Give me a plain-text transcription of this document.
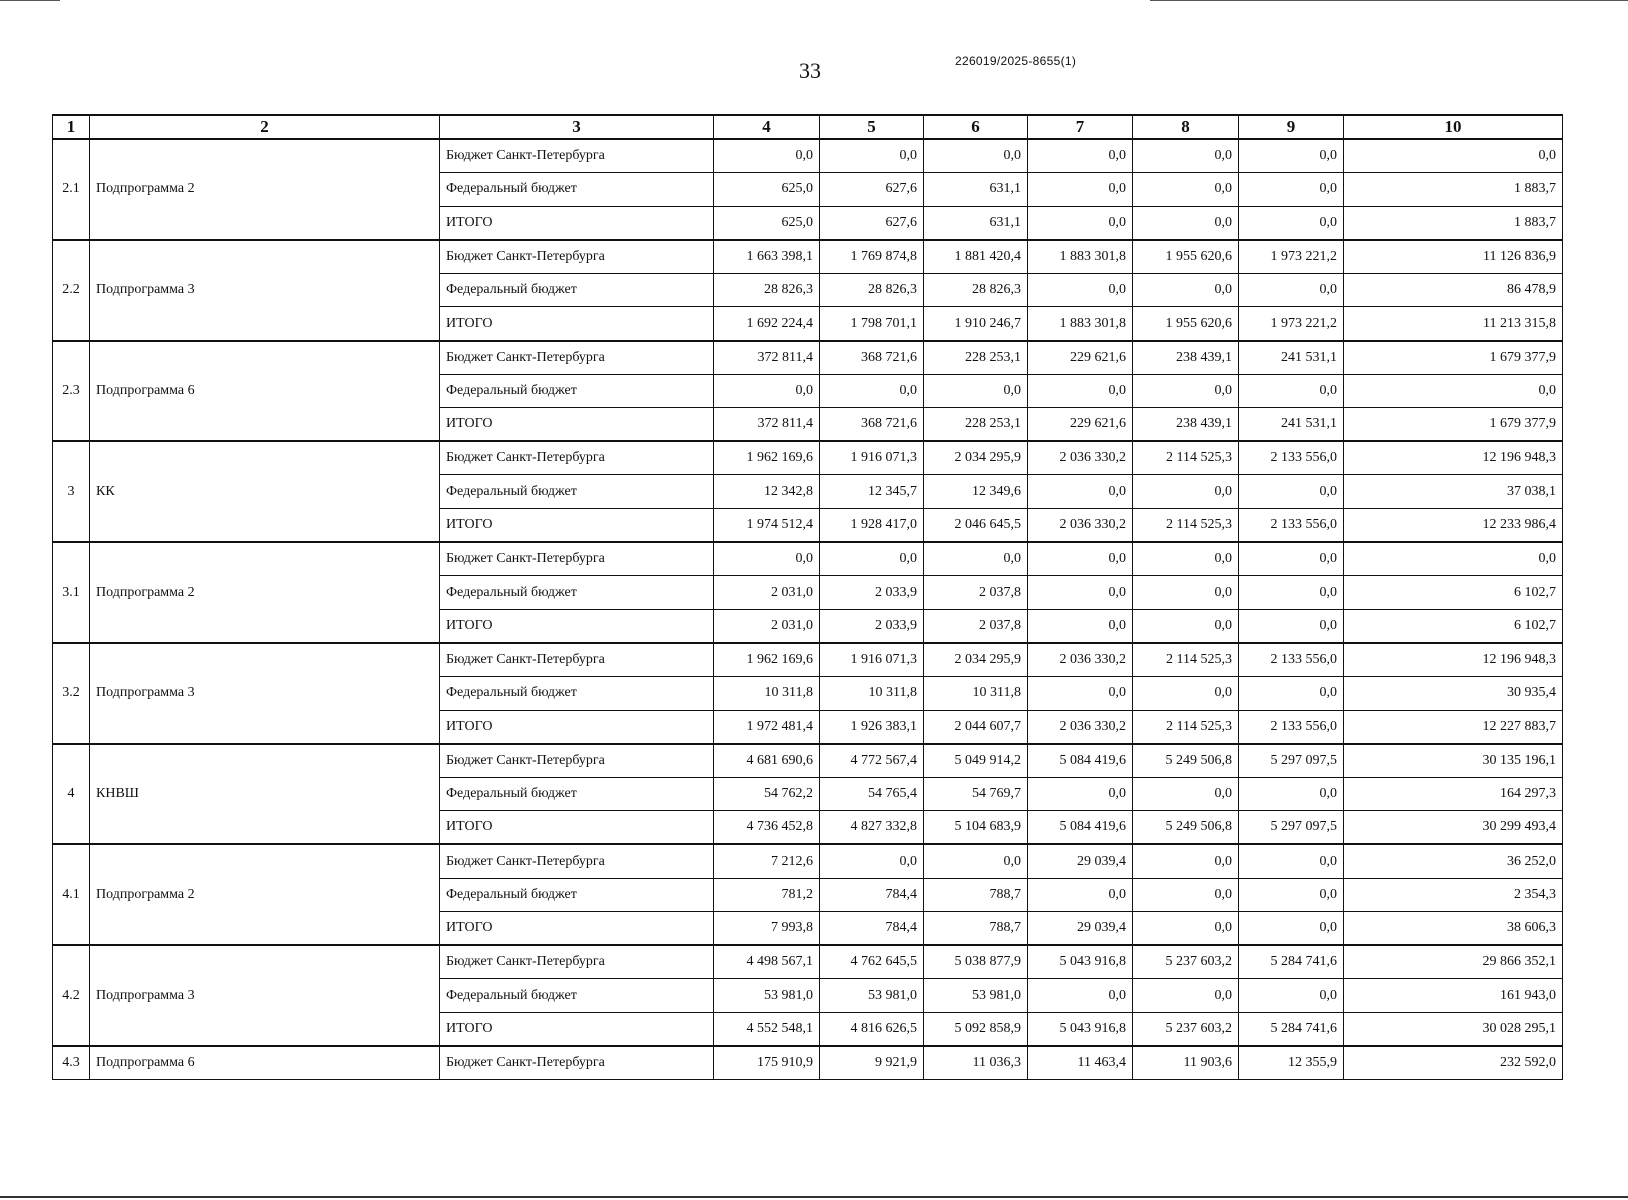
33	226019/2025-8655(1)
1	2	3	4	5	6	7	8	9	10
2.1	Подпрограмма 2	Бюджет Санкт-Петербурга	0,0	0,0	0,0	0,0	0,0	0,0	0,0
		Федеральный бюджет	625,0	627,6	631,1	0,0	0,0	0,0	1 883,7
		ИТОГО	625,0	627,6	631,1	0,0	0,0	0,0	1 883,7
2.2	Подпрограмма 3	Бюджет Санкт-Петербурга	1 663 398,1	1 769 874,8	1 881 420,4	1 883 301,8	1 955 620,6	1 973 221,2	11 126 836,9
		Федеральный бюджет	28 826,3	28 826,3	28 826,3	0,0	0,0	0,0	86 478,9
		ИТОГО	1 692 224,4	1 798 701,1	1 910 246,7	1 883 301,8	1 955 620,6	1 973 221,2	11 213 315,8
2.3	Подпрограмма 6	Бюджет Санкт-Петербурга	372 811,4	368 721,6	228 253,1	229 621,6	238 439,1	241 531,1	1 679 377,9
		Федеральный бюджет	0,0	0,0	0,0	0,0	0,0	0,0	0,0
		ИТОГО	372 811,4	368 721,6	228 253,1	229 621,6	238 439,1	241 531,1	1 679 377,9
3	КК	Бюджет Санкт-Петербурга	1 962 169,6	1 916 071,3	2 034 295,9	2 036 330,2	2 114 525,3	2 133 556,0	12 196 948,3
		Федеральный бюджет	12 342,8	12 345,7	12 349,6	0,0	0,0	0,0	37 038,1
		ИТОГО	1 974 512,4	1 928 417,0	2 046 645,5	2 036 330,2	2 114 525,3	2 133 556,0	12 233 986,4
3.1	Подпрограмма 2	Бюджет Санкт-Петербурга	0,0	0,0	0,0	0,0	0,0	0,0	0,0
		Федеральный бюджет	2 031,0	2 033,9	2 037,8	0,0	0,0	0,0	6 102,7
		ИТОГО	2 031,0	2 033,9	2 037,8	0,0	0,0	0,0	6 102,7
3.2	Подпрограмма 3	Бюджет Санкт-Петербурга	1 962 169,6	1 916 071,3	2 034 295,9	2 036 330,2	2 114 525,3	2 133 556,0	12 196 948,3
		Федеральный бюджет	10 311,8	10 311,8	10 311,8	0,0	0,0	0,0	30 935,4
		ИТОГО	1 972 481,4	1 926 383,1	2 044 607,7	2 036 330,2	2 114 525,3	2 133 556,0	12 227 883,7
4	КНВШ	Бюджет Санкт-Петербурга	4 681 690,6	4 772 567,4	5 049 914,2	5 084 419,6	5 249 506,8	5 297 097,5	30 135 196,1
		Федеральный бюджет	54 762,2	54 765,4	54 769,7	0,0	0,0	0,0	164 297,3
		ИТОГО	4 736 452,8	4 827 332,8	5 104 683,9	5 084 419,6	5 249 506,8	5 297 097,5	30 299 493,4
4.1	Подпрограмма 2	Бюджет Санкт-Петербурга	7 212,6	0,0	0,0	29 039,4	0,0	0,0	36 252,0
		Федеральный бюджет	781,2	784,4	788,7	0,0	0,0	0,0	2 354,3
		ИТОГО	7 993,8	784,4	788,7	29 039,4	0,0	0,0	38 606,3
4.2	Подпрограмма 3	Бюджет Санкт-Петербурга	4 498 567,1	4 762 645,5	5 038 877,9	5 043 916,8	5 237 603,2	5 284 741,6	29 866 352,1
		Федеральный бюджет	53 981,0	53 981,0	53 981,0	0,0	0,0	0,0	161 943,0
		ИТОГО	4 552 548,1	4 816 626,5	5 092 858,9	5 043 916,8	5 237 603,2	5 284 741,6	30 028 295,1
4.3	Подпрограмма 6	Бюджет Санкт-Петербурга	175 910,9	9 921,9	11 036,3	11 463,4	11 903,6	12 355,9	232 592,0
